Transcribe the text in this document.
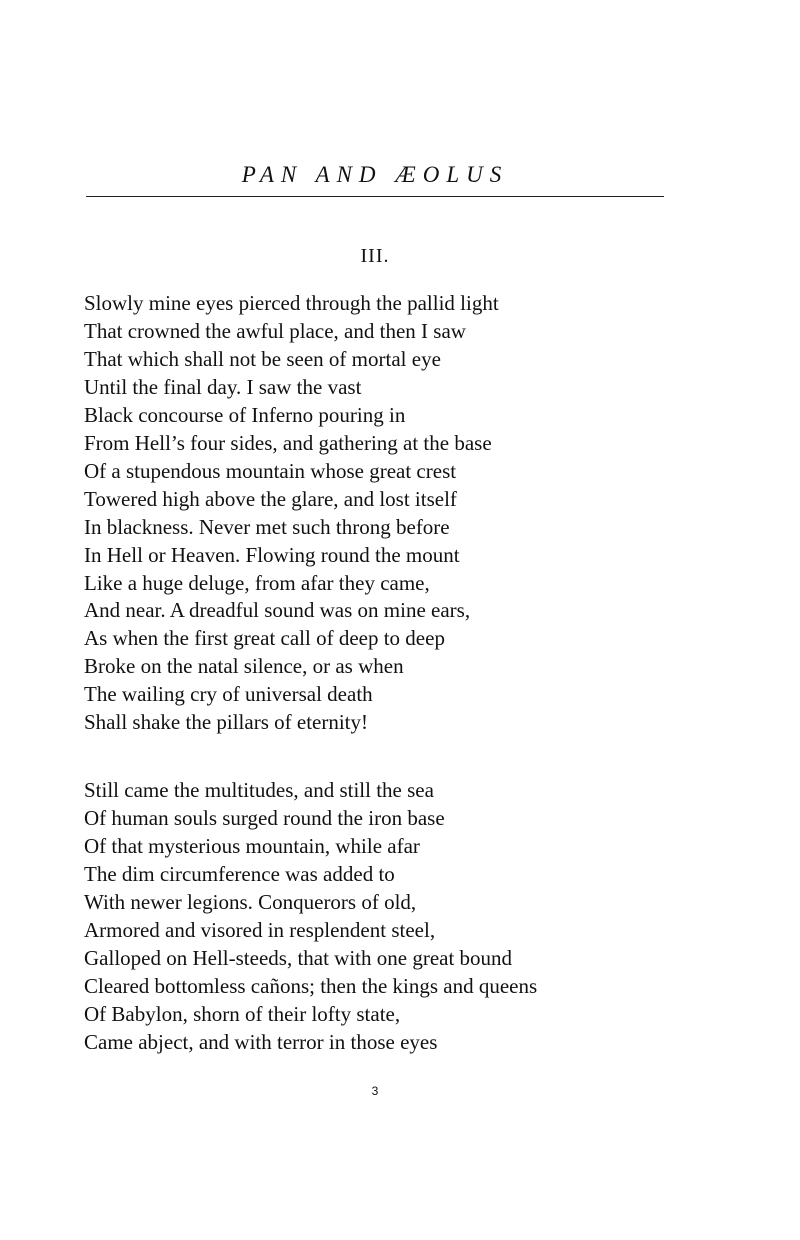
PAN AND ÆOLUS
III.
Slowly mine eyes pierced through the pallid light
That crowned the awful place, and then I saw
That which shall not be seen of mortal eye
Until the final day. I saw the vast
Black concourse of Inferno pouring in
From Hell’s four sides, and gathering at the base
Of a stupendous mountain whose great crest
Towered high above the glare, and lost itself
In blackness. Never met such throng before
In Hell or Heaven. Flowing round the mount
Like a huge deluge, from afar they came,
And near. A dreadful sound was on mine ears,
As when the first great call of deep to deep
Broke on the natal silence, or as when
The wailing cry of universal death
Shall shake the pillars of eternity!
Still came the multitudes, and still the sea
Of human souls surged round the iron base
Of that mysterious mountain, while afar
The dim circumference was added to
With newer legions. Conquerors of old,
Armored and visored in resplendent steel,
Galloped on Hell-steeds, that with one great bound
Cleared bottomless cañons; then the kings and queens
Of Babylon, shorn of their lofty state,
Came abject, and with terror in those eyes
3
